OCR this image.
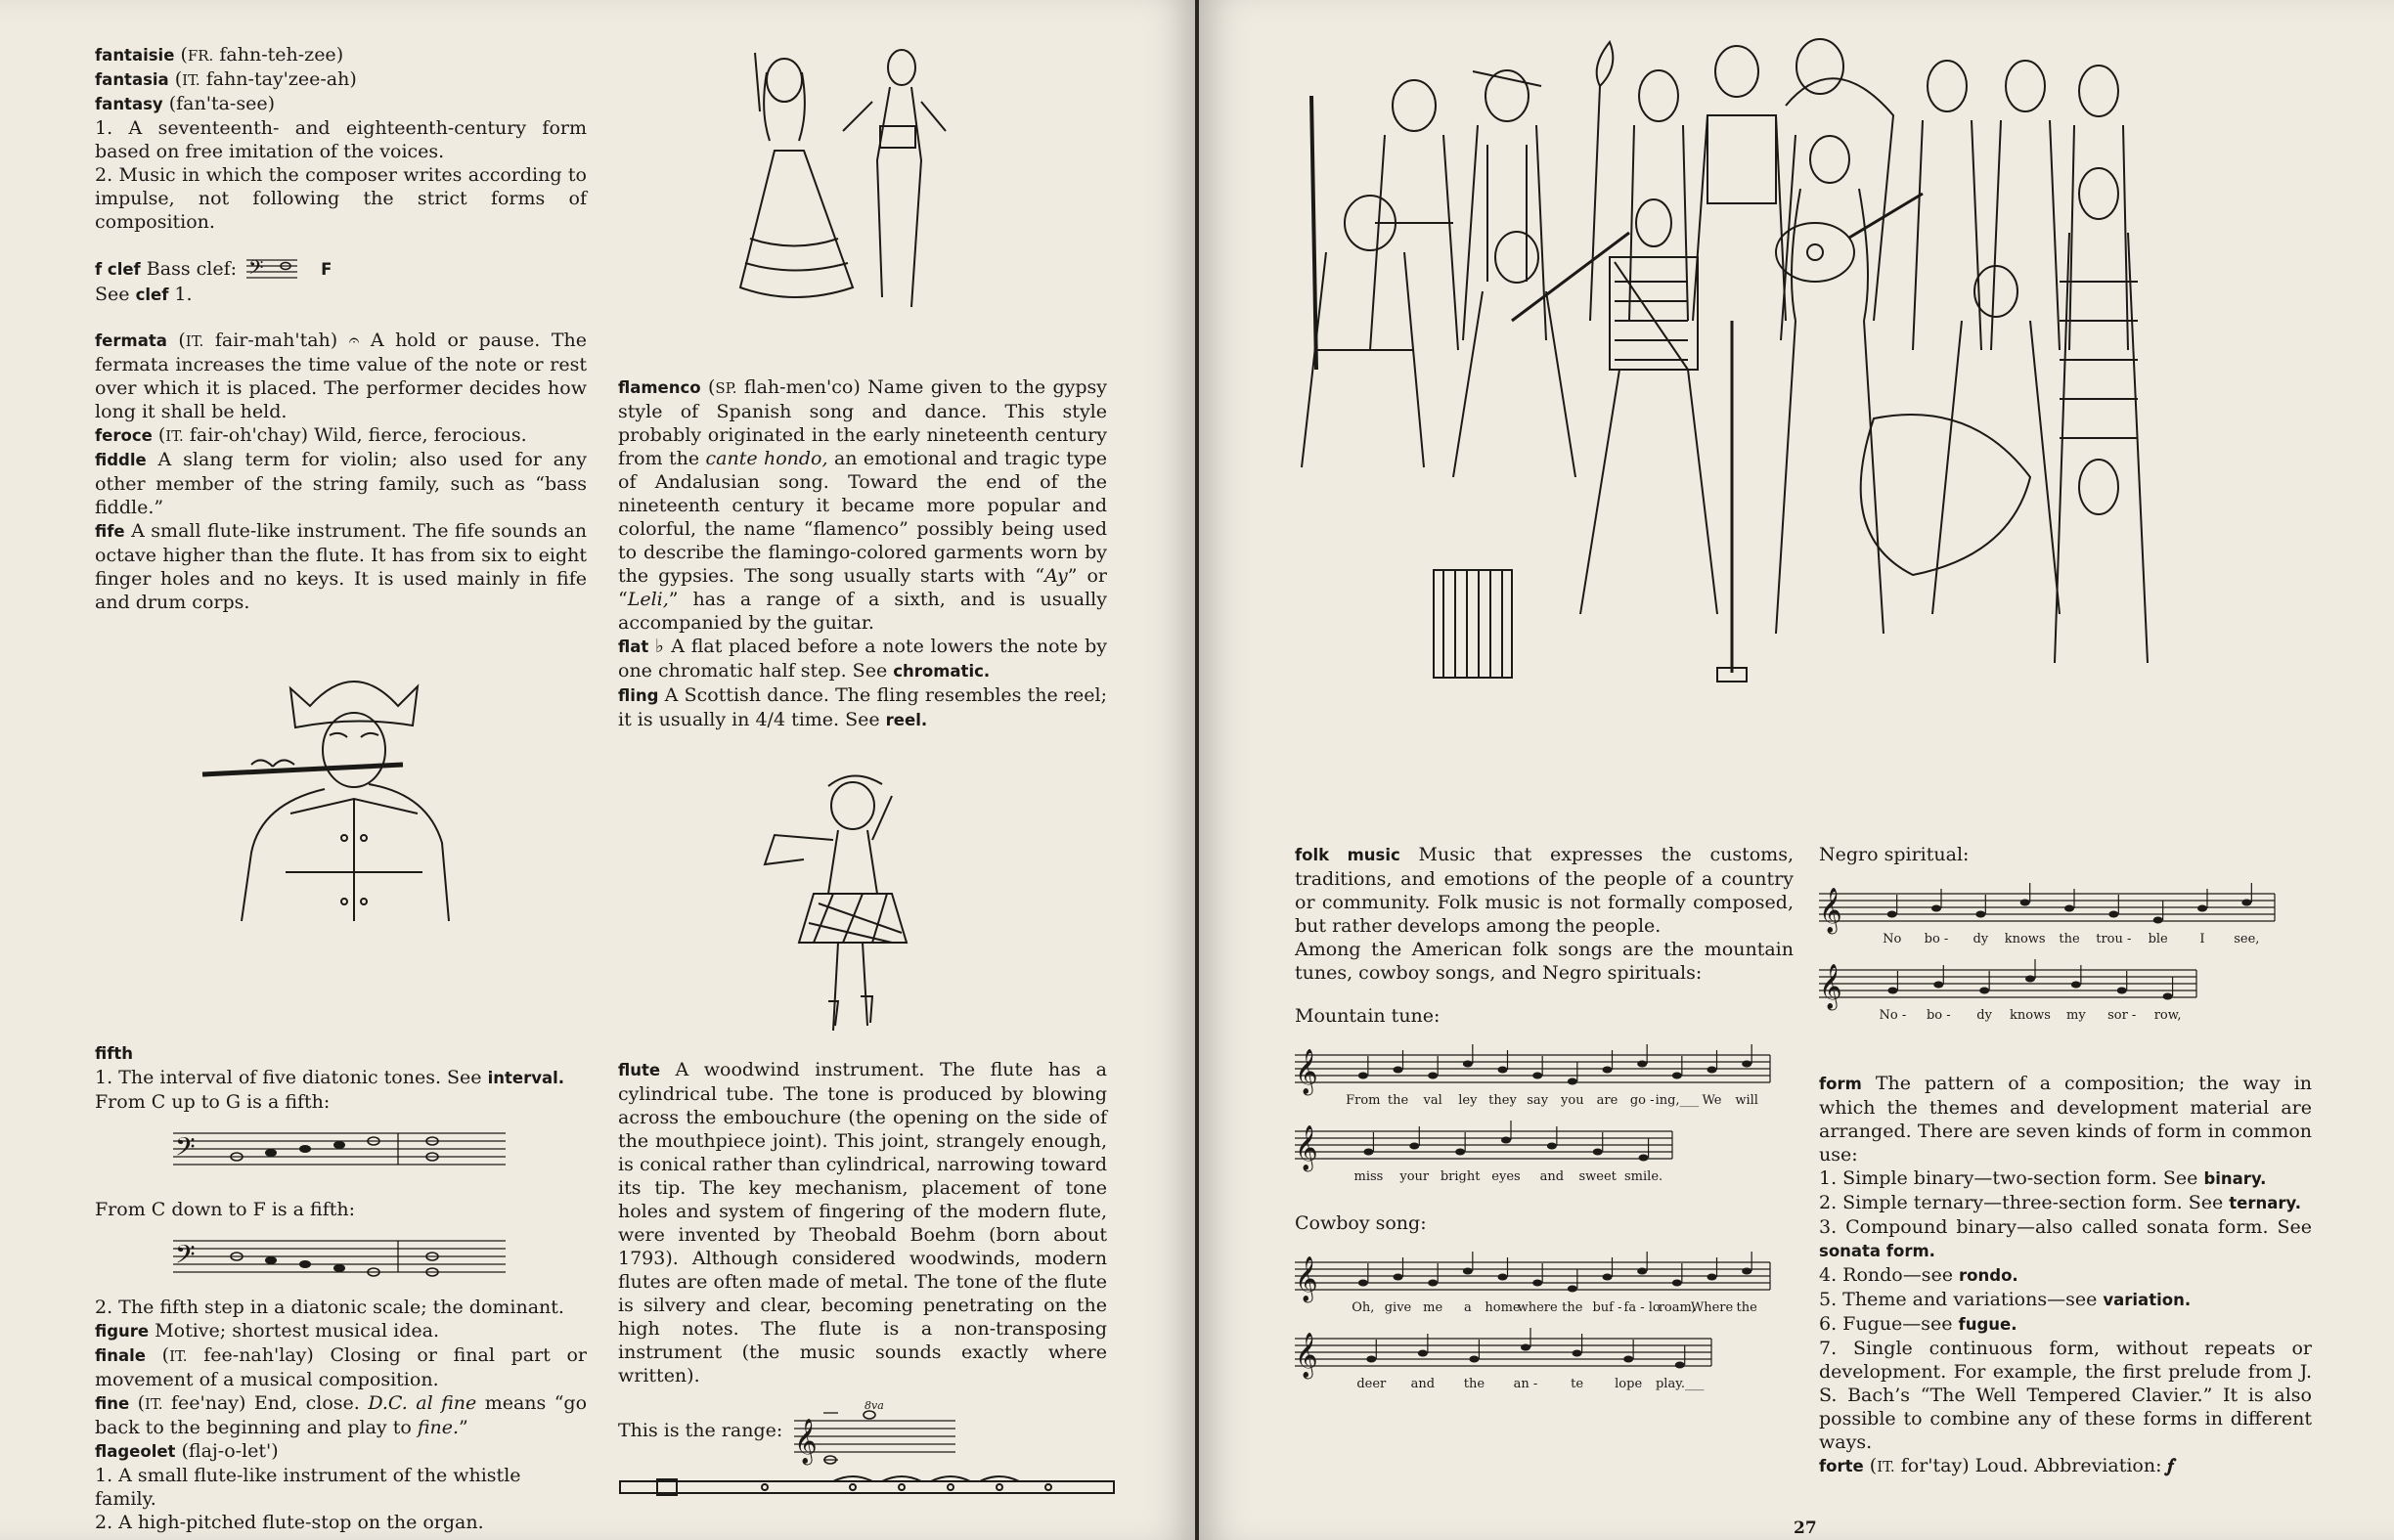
fantaisie (FR. fahn-teh-zee)

fantasia (IT. fahn-tay'zee-ah)

fantasy (fan'ta-see)

1. A seventeenth- and eighteenth-century form based on free imitation of the voices.

2. Music in which the composer writes according to impulse, not following the strict forms of composition.

f clef Bass clef: 𝄢	F

See clef 1.

fermata (IT. fair-mah'tah) 𝄐 A hold or pause. The fermata increases the time value of the note or rest over which it is placed. The performer decides how long it shall be held.

feroce (IT. fair-oh'chay) Wild, fierce, ferocious.

fiddle A slang term for violin; also used for any other member of the string family, such as “bass fiddle.”

fife A small flute-like instrument. The fife sounds an octave higher than the flute. It has from six to eight finger holes and no keys. It is used mainly in fife and drum corps.

fifth

1. The interval of five diatonic tones. See interval.

From C up to G is a fifth:

𝄢

From C down to F is a fifth:

𝄢

2. The fifth step in a diatonic scale; the dominant.

figure Motive; shortest musical idea.

finale (IT. fee-nah'lay) Closing or final part or movement of a musical composition.

fine (IT. fee'nay) End, close. D.C. al fine means “go back to the beginning and play to fine.”

flageolet (flaj-o-let')

1. A small flute-like instrument of the whistle family.

2. A high-pitched flute-stop on the organ.

flamenco (SP. flah-men'co) Name given to the gypsy style of Spanish song and dance. This style probably originated in the early nineteenth century from the cante hondo, an emotional and tragic type of Andalusian song. Toward the end of the nineteenth century it became more popular and colorful, the name “flamenco” possibly being used to describe the flamingo-colored garments worn by the gypsies. The song usually starts with “Ay” or “Leli,” has a range of a sixth, and is usually accompanied by the guitar.

flat ♭ A flat placed before a note lowers the note by one chromatic half step. See chromatic.

fling A Scottish dance. The fling resembles the reel; it is usually in 4/4 time. See reel.

flute A woodwind instrument. The flute has a cylindrical tube. The tone is produced by blowing across the embouchure (the opening on the side of the mouthpiece joint). This joint, strangely enough, is conical rather than cylindrical, narrowing toward its tip. The key mechanism, placement of tone holes and system of fingering of the modern flute, were invented by Theobald Boehm (born about 1793). Although considered woodwinds, modern flutes are often made of metal. The tone of the flute is silvery and clear, becoming penetrating on the high notes. The flute is a non-transposing instrument (the music sounds exactly where written).

This is the range:
8va
𝄞

folk music Music that expresses the customs, traditions, and emotions of the people of a country or community. Folk music is not formally composed, but rather develops among the people.

Among the American folk songs are the mountain tunes, cowboy songs, and Negro spirituals:

Mountain tune:

𝄞
From the val ley they say you are go - ing,___ We will
𝄞
miss your bright eyes and sweet smile.

Cowboy song:

𝄞
Oh, give me a home
where the buf - fa - lo
roam,
Where the
𝄞
deer and the an -	te lope play.___

Negro spiritual:

𝄞
No bo - dy knows the trou - ble	I see,
𝄞
No - bo - dy knows my sor - row,

form The pattern of a composition; the way in which the themes and development material are arranged. There are seven kinds of form in common use:

1. Simple binary—two-section form. See binary.

2. Simple ternary—three-section form. See ternary.

3. Compound binary—also called sonata form. See sonata form.

4. Rondo—see rondo.

5. Theme and variations—see variation.

6. Fugue—see fugue.

7. Single continuous form, without repeats or development. For example, the first prelude from J. S. Bach’s “The Well Tempered Clavier.” It is also possible to combine any of these forms in different ways.

forte (IT. for'tay) Loud. Abbreviation: 𝆑

27
